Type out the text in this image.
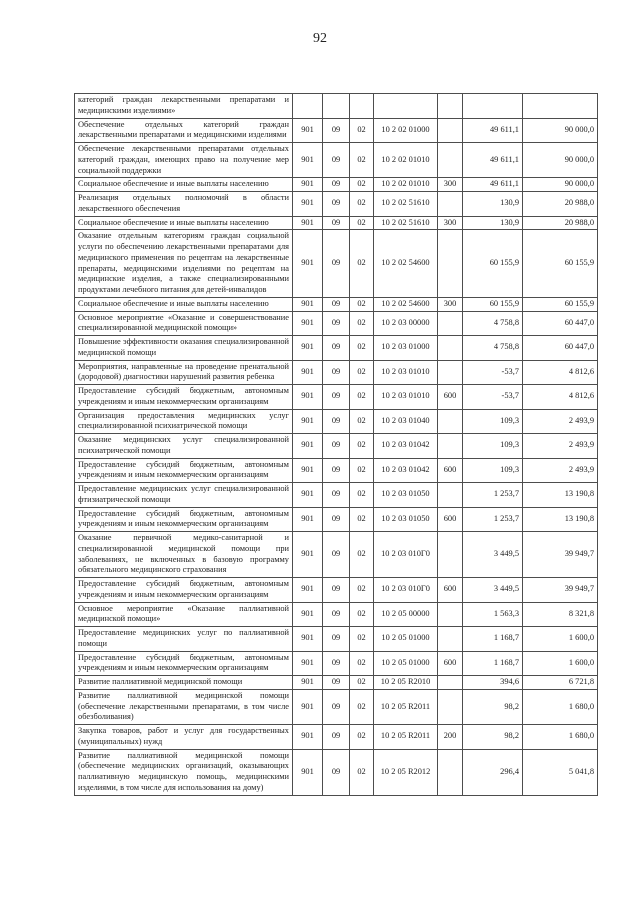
92
категорий граждан лекарственными препаратами и медицинскими изделиями»							
Обеспечение отдельных категорий граждан лекарственными препаратами и медицинскими изделиями	901	09	02	10 2 02 01000		49 611,1	90 000,0
Обеспечение лекарственными препаратами отдельных категорий граждан, имеющих право на получение мер социальной поддержки	901	09	02	10 2 02 01010		49 611,1	90 000,0
Социальное обеспечение и иные выплаты населению	901	09	02	10 2 02 01010	300	49 611,1	90 000,0
Реализация отдельных полномочий в области лекарственного обеспечения	901	09	02	10 2 02 51610		130,9	20 988,0
Социальное обеспечение и иные выплаты населению	901	09	02	10 2 02 51610	300	130,9	20 988,0
Оказание отдельным категориям граждан социальной услуги по обеспечению лекарственными препаратами для медицинского применения по рецептам на лекарственные препараты, медицинскими изделиями по рецептам на медицинские изделия, а также специализированными продуктами лечебного питания для детей-инвалидов	901	09	02	10 2 02 54600		60 155,9	60 155,9
Социальное обеспечение и иные выплаты населению	901	09	02	10 2 02 54600	300	60 155,9	60 155,9
Основное мероприятие «Оказание и совершенствование специализированной медицинской помощи»	901	09	02	10 2 03 00000		4 758,8	60 447,0
Повышение эффективности оказания специализированной медицинской помощи	901	09	02	10 2 03 01000		4 758,8	60 447,0
Мероприятия, направленные на проведение пренатальной (дородовой) диагностики нарушений развития ребенка	901	09	02	10 2 03 01010		-53,7	4 812,6
Предоставление субсидий бюджетным, автономным учреждениям и иным некоммерческим организациям	901	09	02	10 2 03 01010	600	-53,7	4 812,6
Организация предоставления медицинских услуг специализированной психиатрической помощи	901	09	02	10 2 03 01040		109,3	2 493,9
Оказание медицинских услуг специализированной психиатрической помощи	901	09	02	10 2 03 01042		109,3	2 493,9
Предоставление субсидий бюджетным, автономным учреждениям и иным некоммерческим организациям	901	09	02	10 2 03 01042	600	109,3	2 493,9
Предоставление медицинских услуг специализированной фтизиатрической помощи	901	09	02	10 2 03 01050		1 253,7	13 190,8
Предоставление субсидий бюджетным, автономным учреждениям и иным некоммерческим организациям	901	09	02	10 2 03 01050	600	1 253,7	13 190,8
Оказание первичной медико-санитарной и специализированной медицинской помощи при заболеваниях, не включенных в базовую программу обязательного медицинского страхования	901	09	02	10 2 03 010Г0		3 449,5	39 949,7
Предоставление субсидий бюджетным, автономным учреждениям и иным некоммерческим организациям	901	09	02	10 2 03 010Г0	600	3 449,5	39 949,7
Основное мероприятие «Оказание паллиативной медицинской помощи»	901	09	02	10 2 05 00000		1 563,3	8 321,8
Предоставление медицинских услуг по паллиативной помощи	901	09	02	10 2 05 01000		1 168,7	1 600,0
Предоставление субсидий бюджетным, автономным учреждениям и иным некоммерческим организациям	901	09	02	10 2 05 01000	600	1 168,7	1 600,0
Развитие паллиативной медицинской помощи	901	09	02	10 2 05 R2010		394,6	6 721,8
Развитие паллиативной медицинской помощи (обеспечение лекарственными препаратами, в том числе обезболивания)	901	09	02	10 2 05 R2011		98,2	1 680,0
Закупка товаров, работ и услуг для государственных (муниципальных) нужд	901	09	02	10 2 05 R2011	200	98,2	1 680,0
Развитие паллиативной медицинской помощи (обеспечение медицинских организаций, оказывающих паллиативную медицинскую помощь, медицинскими изделиями, в том числе для использования на дому)	901	09	02	10 2 05 R2012		296,4	5 041,8
